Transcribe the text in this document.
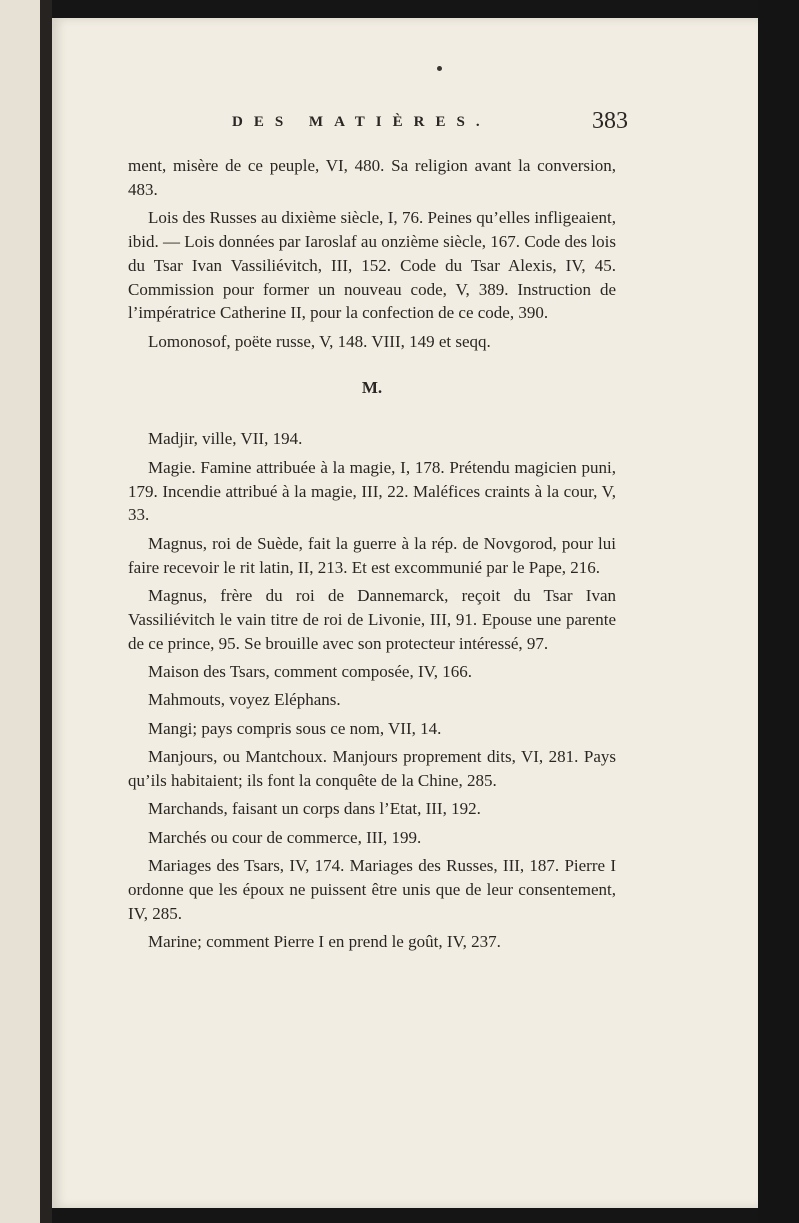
DES MATIÈRES.	383

ment, misère de ce peuple, VI, 480. Sa religion avant la conversion, 483.

Lois des Russes au dixième siècle, I, 76. Peines qu’elles infligeaient, ibid. — Lois données par Iaroslaf au onzième siècle, 167. Code des lois du Tsar Ivan Vassiliévitch, III, 152. Code du Tsar Alexis, IV, 45. Commission pour former un nouveau code, V, 389. Instruction de l’impératrice Catherine II, pour la confection de ce code, 390.

Lomonosof, poëte russe, V, 148. VIII, 149 et seqq.

M.

Madjir, ville, VII, 194.

Magie. Famine attribuée à la magie, I, 178. Prétendu magicien puni, 179. Incendie attribué à la magie, III, 22. Maléfices craints à la cour, V, 33.

Magnus, roi de Suède, fait la guerre à la rép. de Novgorod, pour lui faire recevoir le rit latin, II, 213. Et est excommunié par le Pape, 216.

Magnus, frère du roi de Dannemarck, reçoit du Tsar Ivan Vassiliévitch le vain titre de roi de Livonie, III, 91. Epouse une parente de ce prince, 95. Se brouille avec son protecteur intéressé, 97.

Maison des Tsars, comment composée, IV, 166.

Mahmouts, voyez Eléphans.

Mangi; pays compris sous ce nom, VII, 14.

Manjours, ou Mantchoux. Manjours proprement dits, VI, 281. Pays qu’ils habitaient; ils font la conquête de la Chine, 285.

Marchands, faisant un corps dans l’Etat, III, 192.

Marchés ou cour de commerce, III, 199.

Mariages des Tsars, IV, 174. Mariages des Russes, III, 187. Pierre I ordonne que les époux ne puissent être unis que de leur consentement, IV, 285.

Marine; comment Pierre I en prend le goût, IV, 237.
